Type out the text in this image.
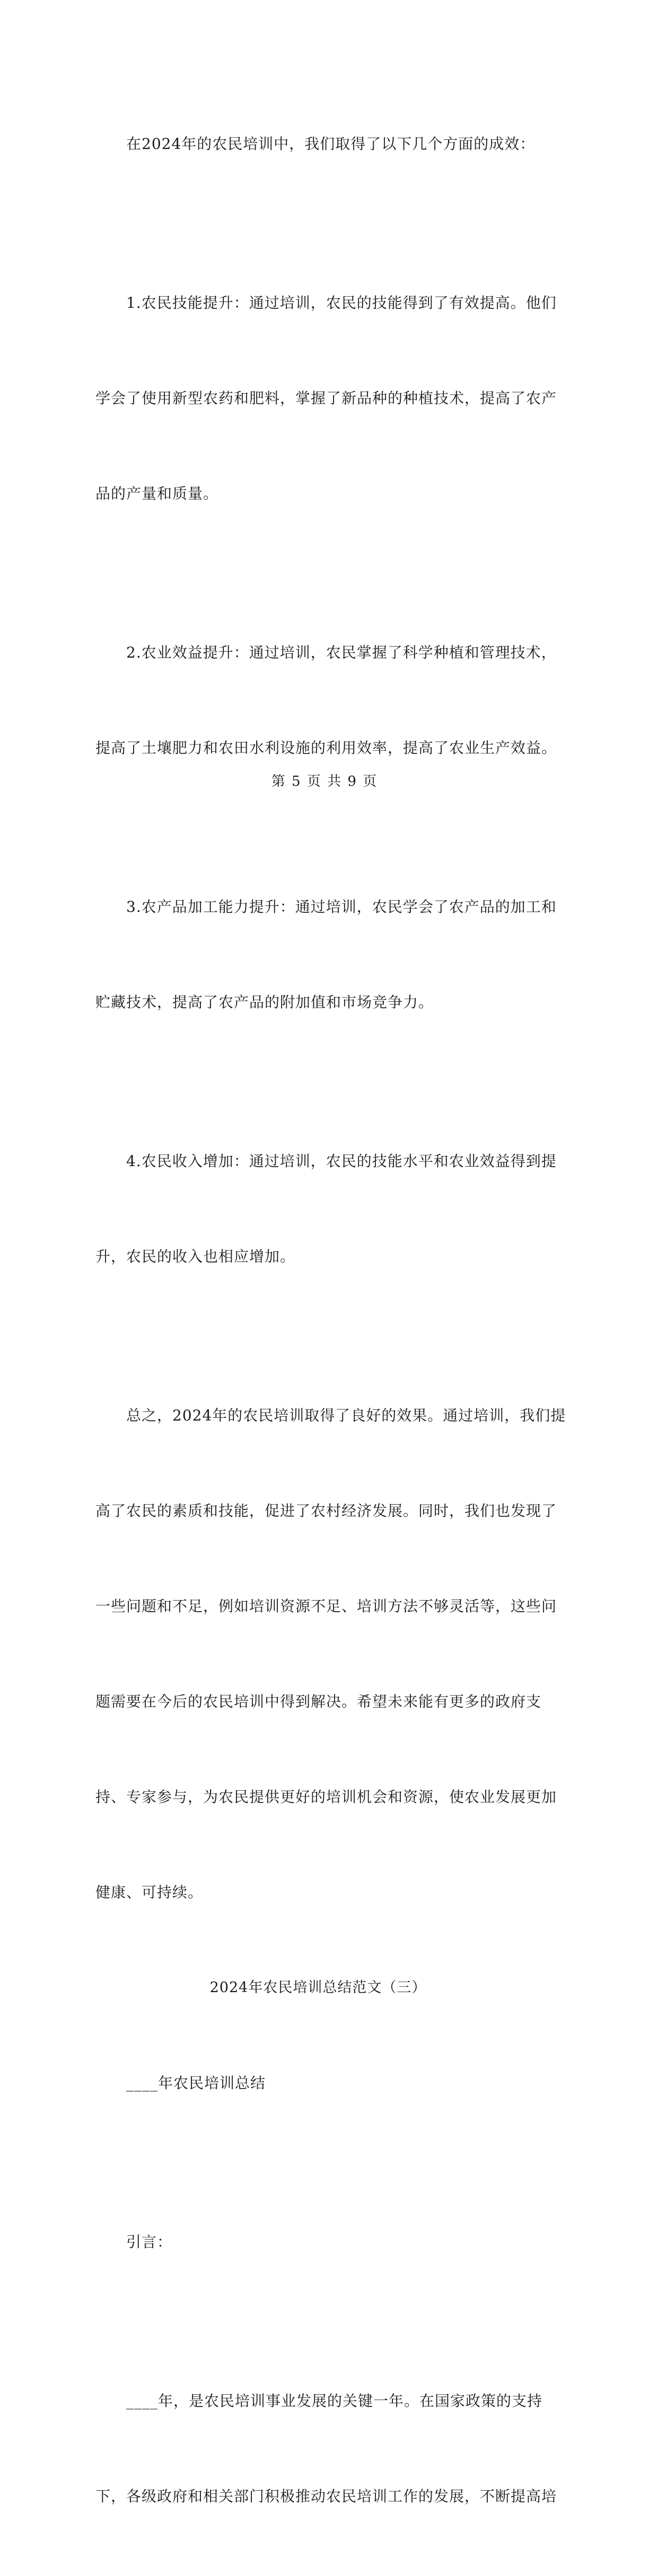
在2024年的农民培训中，我们取得了以下几个方面的成效：

1.农民技能提升：通过培训，农民的技能得到了有效提高。他们

学会了使用新型农药和肥料，掌握了新品种的种植技术，提高了农产

品的产量和质量。

2.农业效益提升：通过培训，农民掌握了科学种植和管理技术，

提高了土壤肥力和农田水利设施的利用效率，提高了农业生产效益。

3.农产品加工能力提升：通过培训，农民学会了农产品的加工和

贮藏技术，提高了农产品的附加值和市场竞争力。

4.农民收入增加：通过培训，农民的技能水平和农业效益得到提

升，农民的收入也相应增加。

总之，2024年的农民培训取得了良好的效果。通过培训，我们提

高了农民的素质和技能，促进了农村经济发展。同时，我们也发现了

一些问题和不足，例如培训资源不足、培训方法不够灵活等，这些问

题需要在今后的农民培训中得到解决。希望未来能有更多的政府支

持、专家参与，为农民提供更好的培训机会和资源，使农业发展更加

健康、可持续。

2024年农民培训总结范文（三）

____年农民培训总结

引言：

____年，是农民培训事业发展的关键一年。在国家政策的支持

下，各级政府和相关部门积极推动农民培训工作的发展，不断提高培

第 5 页 共 9 页
